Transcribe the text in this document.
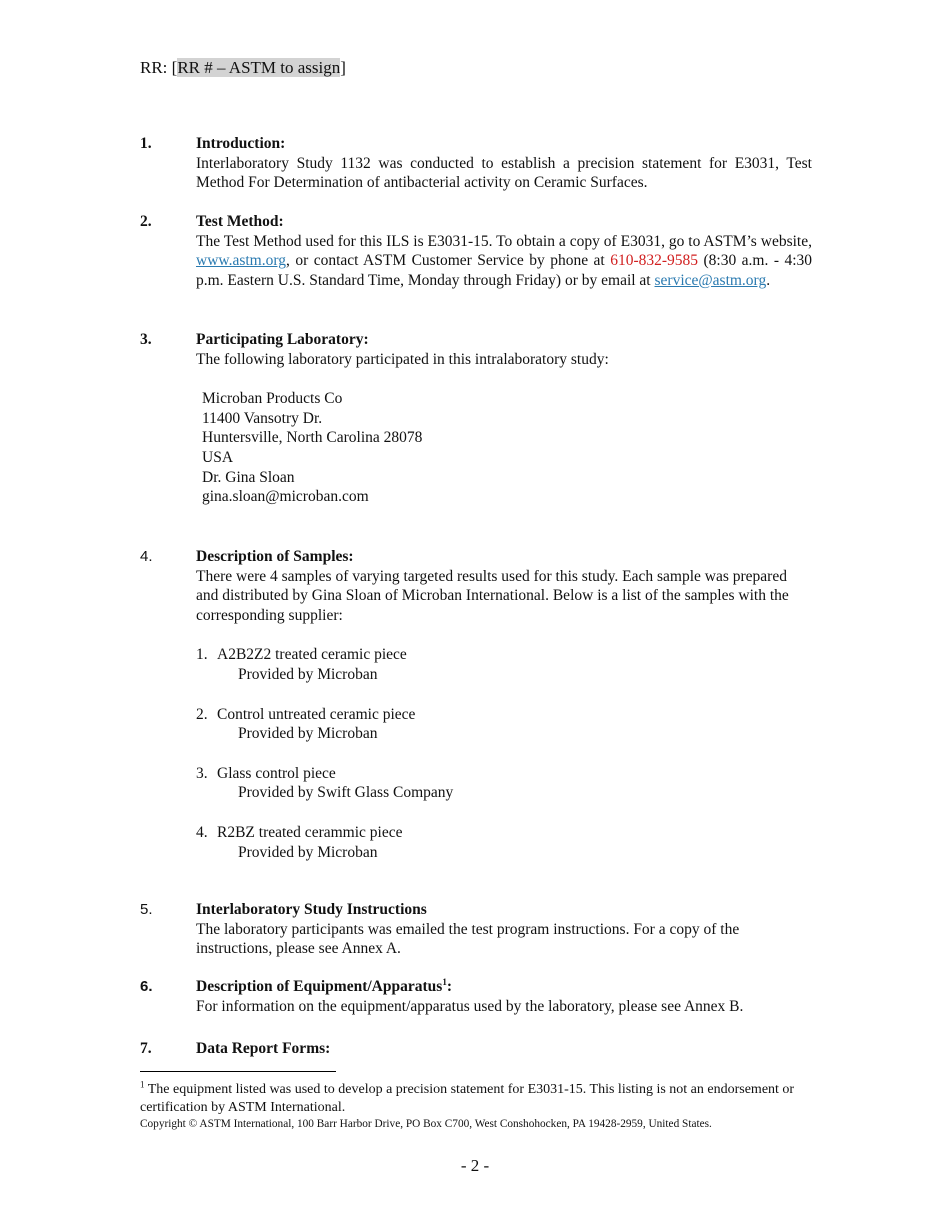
RR: [RR # – ASTM to assign]
1.	Introduction:
Interlaboratory Study 1132 was conducted to establish a precision statement for E3031, Test Method For Determination of antibacterial activity on Ceramic Surfaces.
2.	Test Method:
The Test Method used for this ILS is E3031-15. To obtain a copy of E3031, go to ASTM’s website, www.astm.org, or contact ASTM Customer Service by phone at 610-832-9585 (8:30 a.m. - 4:30 p.m. Eastern U.S. Standard Time, Monday through Friday) or by email at service@astm.org.
3.	Participating Laboratory:
The following laboratory participated in this intralaboratory study:
Microban Products Co
11400 Vansotry Dr.
Huntersville, North Carolina 28078
USA
Dr. Gina Sloan
gina.sloan@microban.com
4.	Description of Samples:
There were 4 samples of varying targeted results used for this study. Each sample was prepared and distributed by Gina Sloan of Microban International. Below is a list of the samples with the corresponding supplier:
1. A2B2Z2 treated ceramic piece
Provided by Microban
2. Control untreated ceramic piece
Provided by Microban
3. Glass control piece
Provided by Swift Glass Company
4. R2BZ treated cerammic piece
Provided by Microban
5.	Interlaboratory Study Instructions
The laboratory participants was emailed the test program instructions. For a copy of the instructions, please see Annex A.
6.	Description of Equipment/Apparatus$^1$:
For information on the equipment/apparatus used by the laboratory, please see Annex B.
7.	Data Report Forms:
$^1$ The equipment listed was used to develop a precision statement for E3031-15. This listing is not an endorsement or certification by ASTM International.
Copyright © ASTM International, 100 Barr Harbor Drive, PO Box C700, West Conshohocken, PA 19428-2959, United States.
- 2 -
